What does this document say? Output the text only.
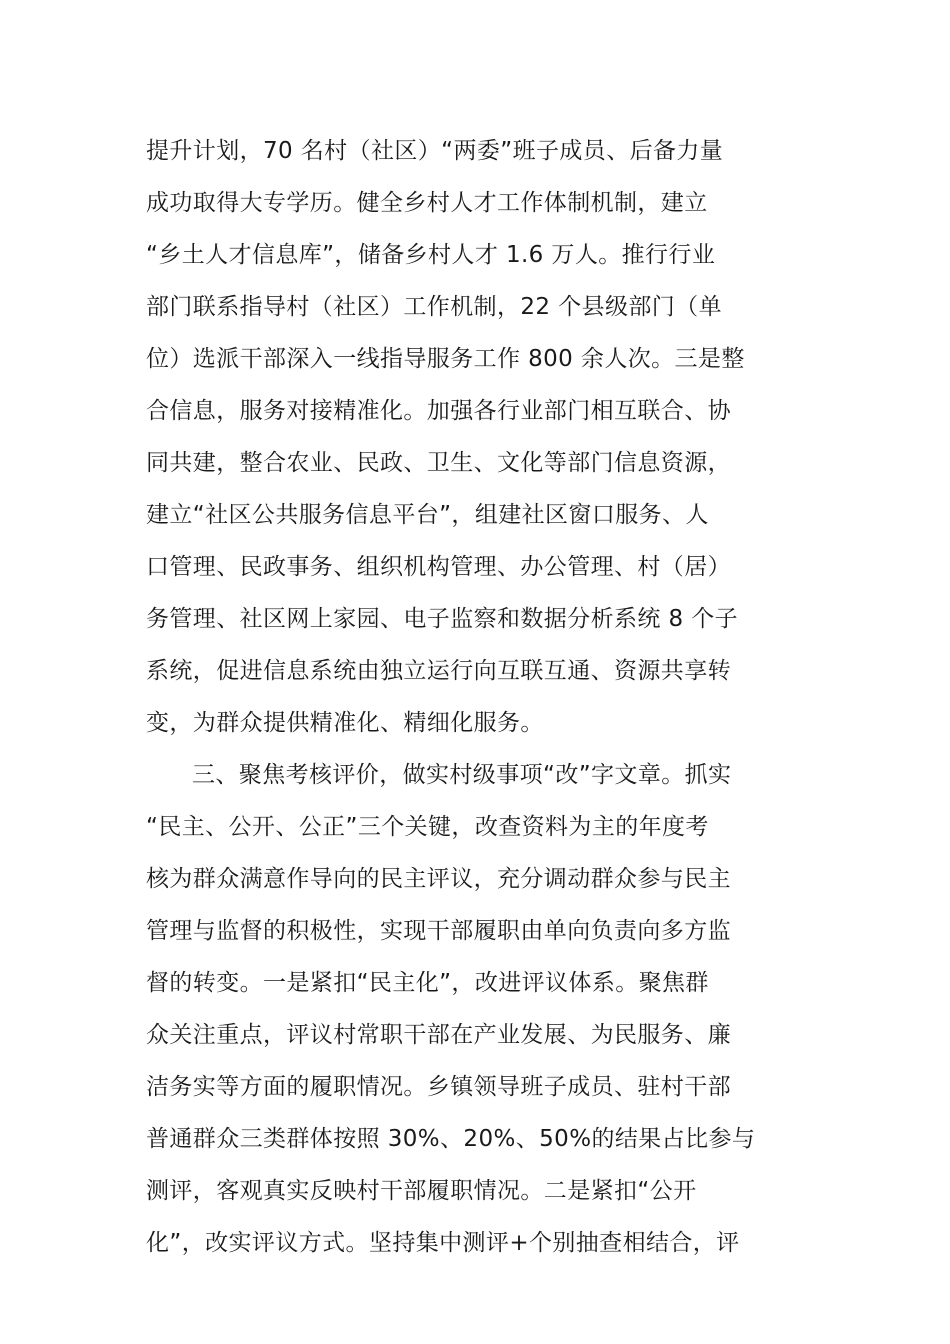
提升计划，70 名村（社区）“两委”班子成员、后备力量
成功取得大专学历。健全乡村人才工作体制机制，建立
“乡土人才信息库”，储备乡村人才 1.6 万人。推行行业
部门联系指导村（社区）工作机制，22 个县级部门（单
位）选派干部深入一线指导服务工作 800 余人次。三是整
合信息，服务对接精准化。加强各行业部门相互联合、协
同共建，整合农业、民政、卫生、文化等部门信息资源，
建立“社区公共服务信息平台”，组建社区窗口服务、人
口管理、民政事务、组织机构管理、办公管理、村（居）
务管理、社区网上家园、电子监察和数据分析系统 8 个子
系统，促进信息系统由独立运行向互联互通、资源共享转
变，为群众提供精准化、精细化服务。
三、聚焦考核评价，做实村级事项“改”字文章。抓实
“民主、公开、公正”三个关键，改查资料为主的年度考
核为群众满意作导向的民主评议，充分调动群众参与民主
管理与监督的积极性，实现干部履职由单向负责向多方监
督的转变。一是紧扣“民主化”，改进评议体系。聚焦群
众关注重点，评议村常职干部在产业发展、为民服务、廉
洁务实等方面的履职情况。乡镇领导班子成员、驻村干部
普通群众三类群体按照 30%、20%、50%的结果占比参与
测评，客观真实反映村干部履职情况。二是紧扣“公开
化”，改实评议方式。坚持集中测评+个别抽查相结合，评
